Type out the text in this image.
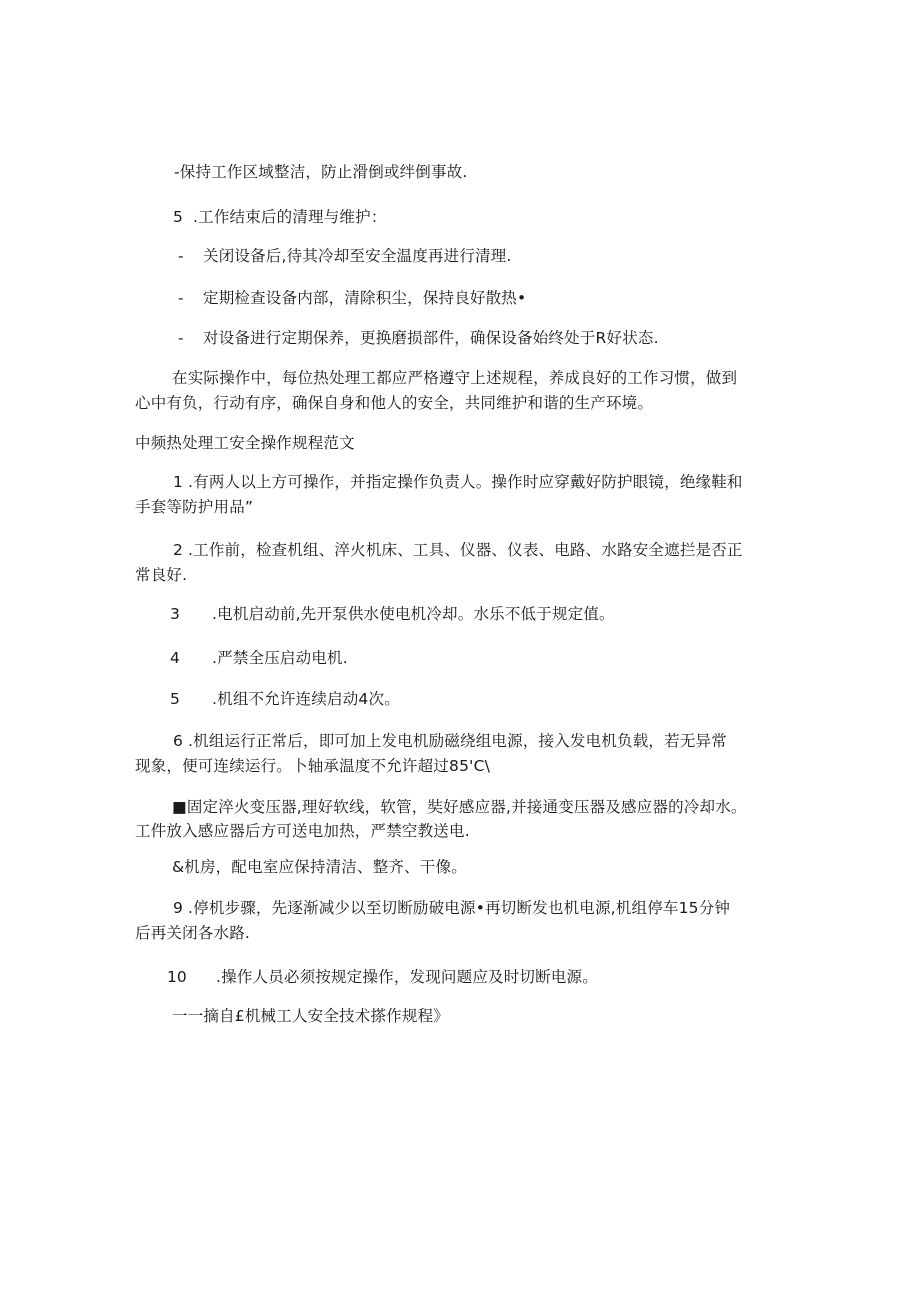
-保持工作区域整洁，防止滑倒或绊倒事故.

5 .工作结束后的清理与维护：

- 关闭设备后,待其冷却至安全温度再进行清理.

- 定期检查设备内部，清除积尘，保持良好散热•

- 对设备进行定期保养，更换磨损部件，确保设备始终处于R好状态.

在实际操作中，每位热处理工都应严格遵守上述规程，养成良好的工作习惯，做到

心中有负，行动有序，确保自身和他人的安全，共同维护和谐的生产环境。

中频热处理工安全操作规程范文

1 .有两人以上方可操作，并指定操作负责人。操作时应穿戴好防护眼镜，绝缘鞋和

手套等防护用品”

2 .工作前，检查机组、淬火机床、工具、仪器、仪表、电路、水路安全遮拦是否正

常良好.

3 .电机启动前,先开泵供水使电机冷却。水乐不低于规定值。

4 .严禁全压启动电机.

5 .机组不允许连续启动4次。

6 .机组运行正常后，即可加上发电机励磁绕组电源，接入发电机负载，若无异常

现象，便可连续运行。卜轴承温度不允许超过85'C\

■固定淬火变压器,理好软线，软管，奘好感应器,并接通变压器及感应器的冷却水。

工件放入感应器后方可送电加热，严禁空教送电.

&机房，配电室应保持清洁、整齐、干像。

9 .停机步骤，先逐渐减少以至切断励破电源•再切断发也机电源,机组停车15分钟

后再关闭各水路.

10 .操作人员必须按规定操作，发现问题应及时切断电源。

一一摘自£机械工人安全技术搽作规程》
